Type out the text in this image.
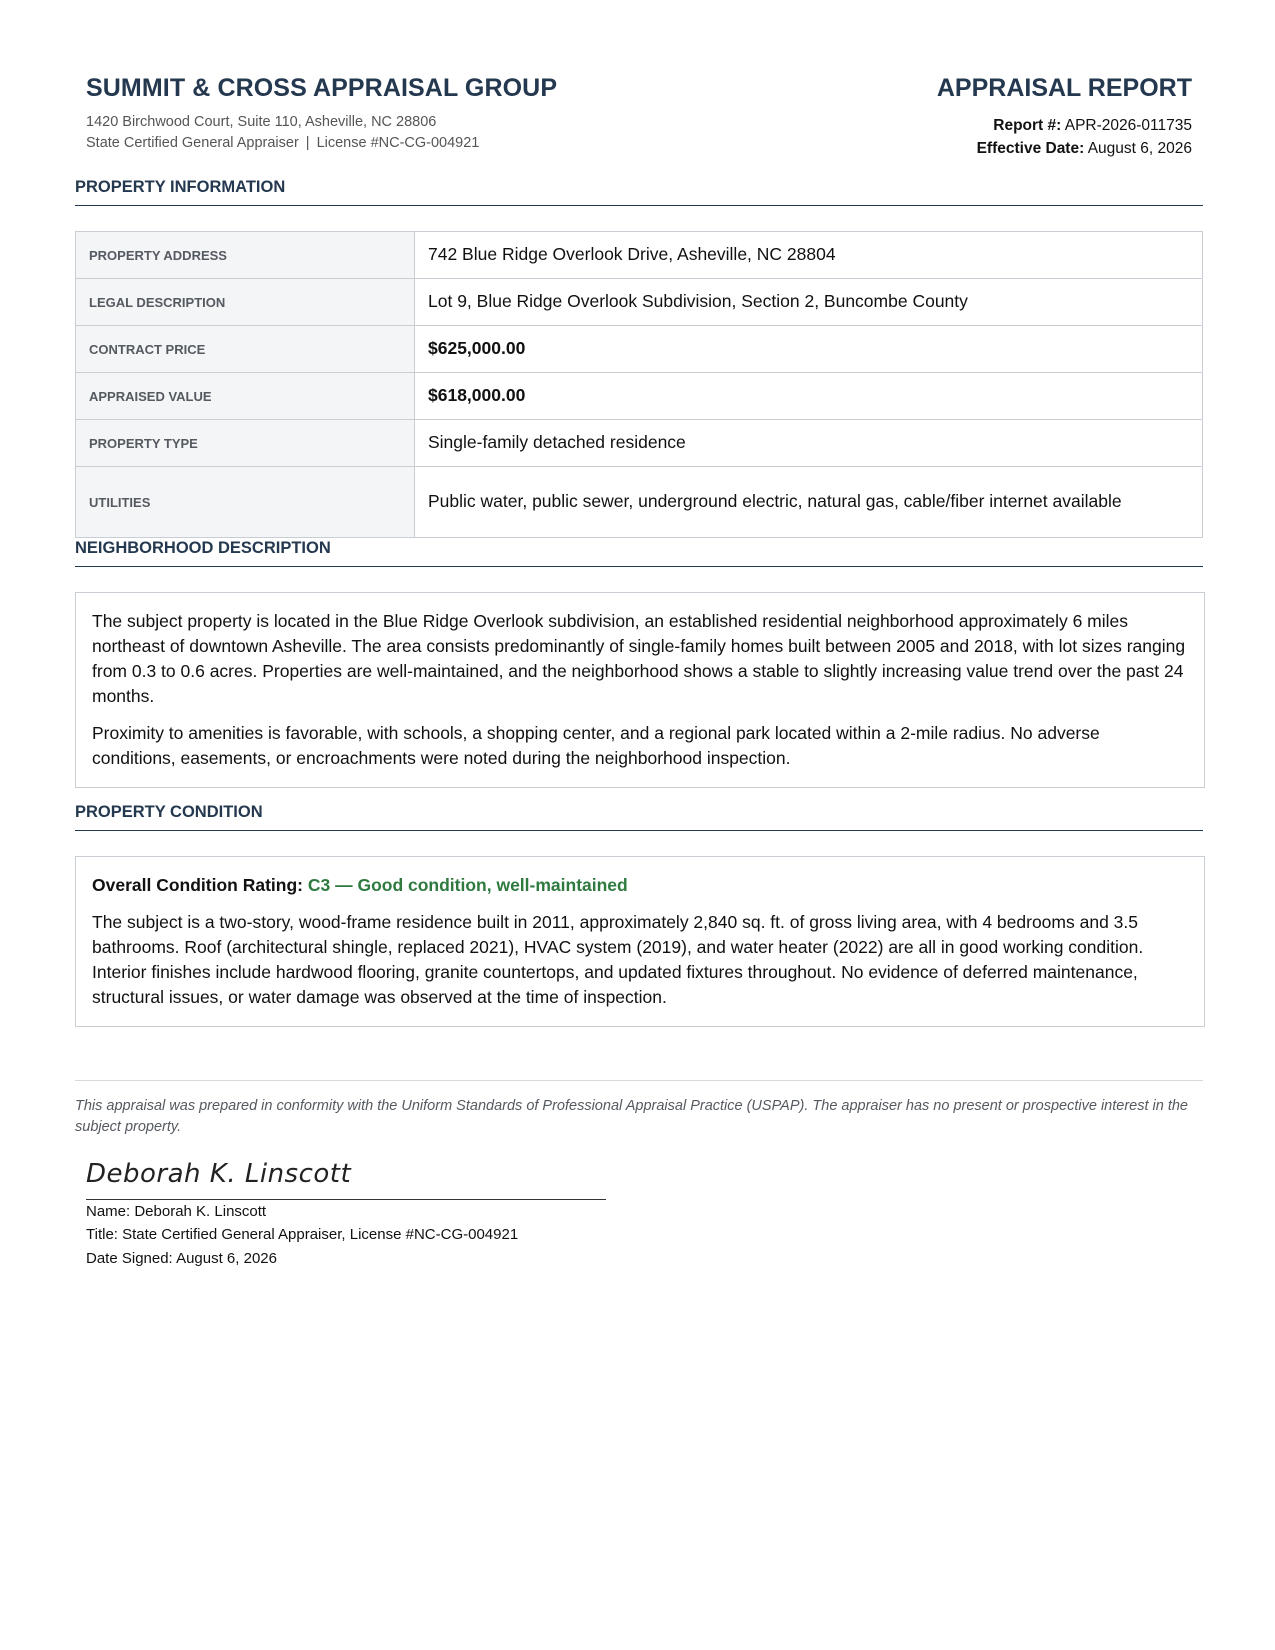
SUMMIT & CROSS APPRAISAL GROUP
1420 Birchwood Court, Suite 110, Asheville, NC 28806
State Certified General Appraiser | License #NC-CG-004921
APPRAISAL REPORT
Report #: APR-2026-011735
Effective Date: August 6, 2026
PROPERTY INFORMATION
PROPERTY ADDRESS	742 Blue Ridge Overlook Drive, Asheville, NC 28804
LEGAL DESCRIPTION	Lot 9, Blue Ridge Overlook Subdivision, Section 2, Buncombe County
CONTRACT PRICE	$625,000.00
APPRAISED VALUE	$618,000.00
PROPERTY TYPE	Single-family detached residence
UTILITIES	Public water, public sewer, underground electric, natural gas, cable/fiber internet available
NEIGHBORHOOD DESCRIPTION

The subject property is located in the Blue Ridge Overlook subdivision, an established residential neighborhood approximately 6 miles northeast of downtown Asheville. The area consists predominantly of single-family homes built between 2005 and 2018, with lot sizes ranging from 0.3 to 0.6 acres. Properties are well-maintained, and the neighborhood shows a stable to slightly increasing value trend over the past 24 months.

Proximity to amenities is favorable, with schools, a shopping center, and a regional park located within a 2-mile radius. No adverse conditions, easements, or encroachments were noted during the neighborhood inspection.

PROPERTY CONDITION

Overall Condition Rating: C3 — Good condition, well-maintained

The subject is a two-story, wood-frame residence built in 2011, approximately 2,840 sq. ft. of gross living area, with 4 bedrooms and 3.5 bathrooms. Roof (architectural shingle, replaced 2021), HVAC system (2019), and water heater (2022) are all in good working condition. Interior finishes include hardwood flooring, granite countertops, and updated fixtures throughout. No evidence of deferred maintenance, structural issues, or water damage was observed at the time of inspection.

This appraisal was prepared in conformity with the Uniform Standards of Professional Appraisal Practice (USPAP). The appraiser has no present or prospective interest in the subject property.
Deborah K. Linscott
Name: Deborah K. Linscott
Title: State Certified General Appraiser, License #NC-CG-004921
Date Signed: August 6, 2026
